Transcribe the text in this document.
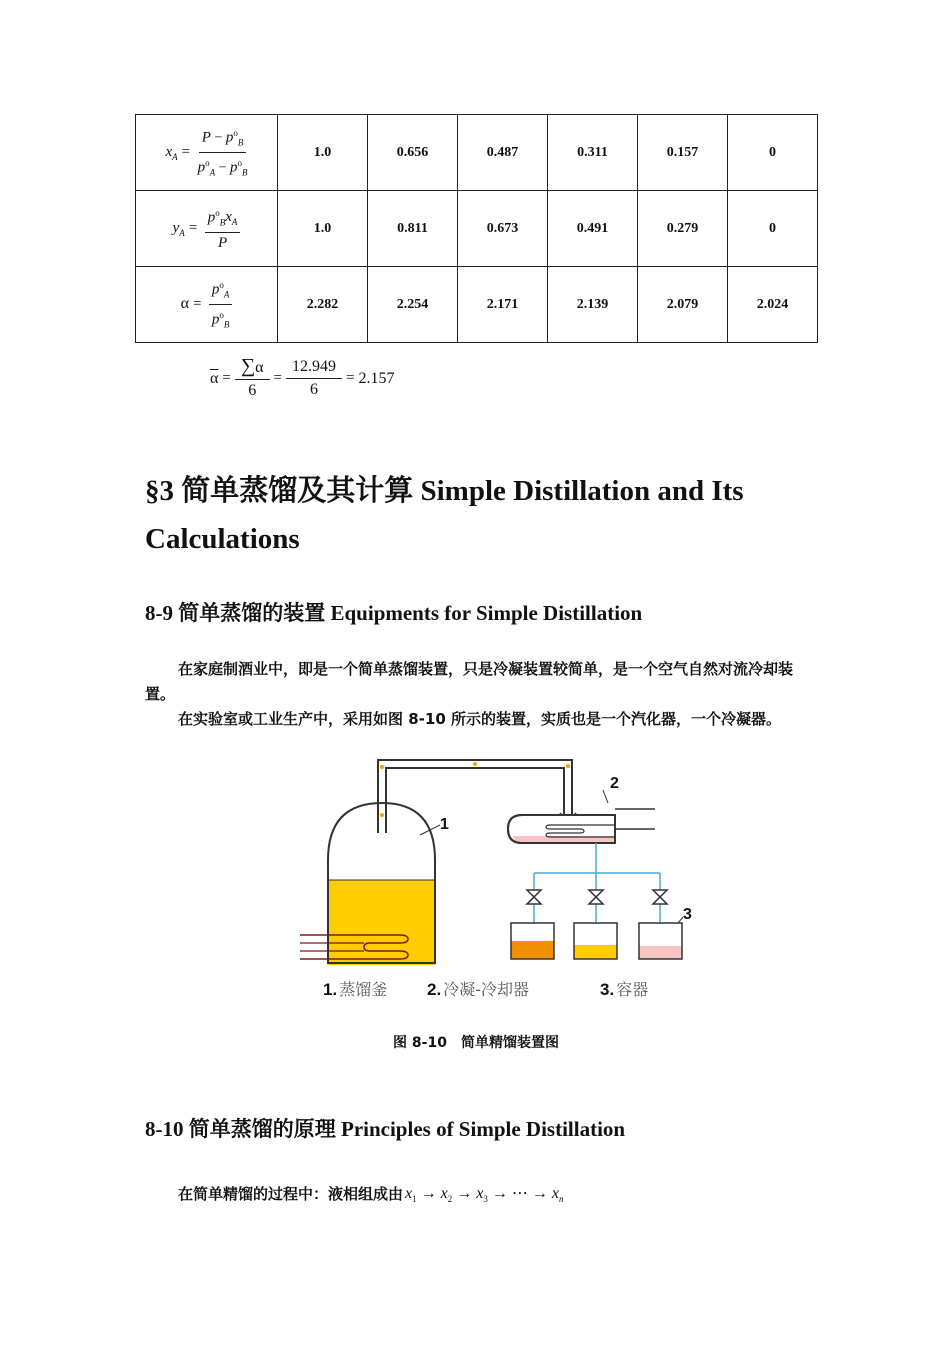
$x_A = \frac{P - p^o_B}{p^o_A - p^o_B}$	1.0	0.656	0.487	0.311	0.157	0
$y_A = \frac{p^o_Bx_A}{P}$	1.0	0.811	0.673	0.491	0.279	0
$\alpha = \frac{p^o_A}{p^o_B}$	2.282	2.254	2.171	2.139	2.079	2.024
$\overline{\alpha} = \frac{\sum\alpha}{6} = \frac{12.949}{6} = 2.157$
§3 简单蒸馏及其计算 Simple Distillation and Its Calculations
8-9 简单蒸馏的装置 Equipments for Simple Distillation
在家庭制酒业中，即是一个简单蒸馏装置，只是冷凝装置较简单，是一个空气自然对流冷却装置。
在实验室或工业生产中，采用如图 8-10 所示的装置，实质也是一个汽化器，一个冷凝器。
1
2
3
1. 蒸馏釜 2. 冷凝-冷却器	3. 容器
图 8-10　简单精馏装置图
8-10 简单蒸馏的原理 Principles of Simple Distillation
在简单精馏的过程中：液相组成由 $x_1 \to x_2 \to x_3$ → ⋯ → $x_n$
